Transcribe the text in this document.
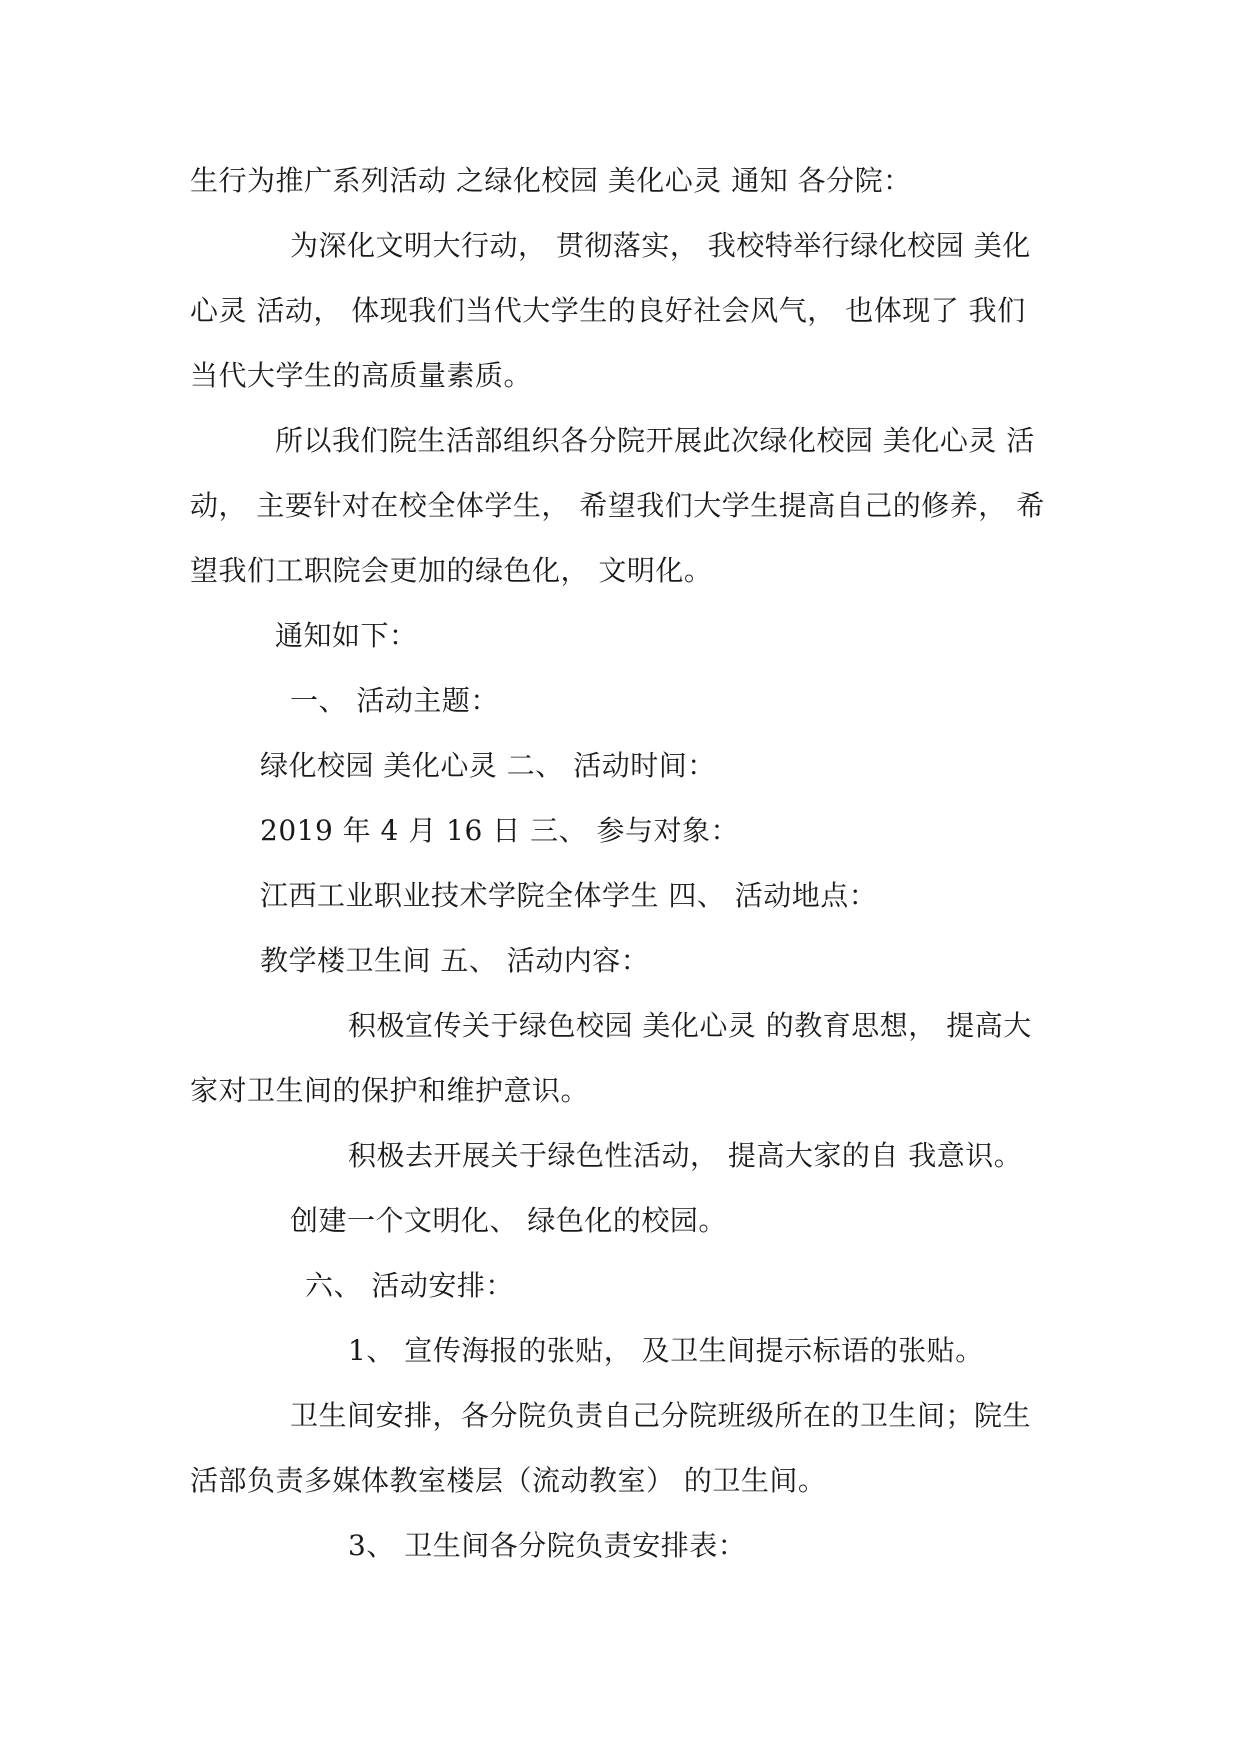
生行为推广系列活动 之绿化校园 美化心灵 通知 各分院：
为深化文明大行动， 贯彻落实， 我校特举行绿化校园 美化
心灵 活动， 体现我们当代大学生的良好社会风气， 也体现了 我们
当代大学生的高质量素质。
所以我们院生活部组织各分院开展此次绿化校园 美化心灵 活
动， 主要针对在校全体学生， 希望我们大学生提高自己的修养， 希
望我们工职院会更加的绿色化， 文明化。
通知如下：
一、 活动主题：
绿化校园 美化心灵 二、 活动时间：
2019 年 4 月 16 日 三、 参与对象：
江西工业职业技术学院全体学生 四、 活动地点：
教学楼卫生间 五、 活动内容：
积极宣传关于绿色校园 美化心灵 的教育思想， 提高大
家对卫生间的保护和维护意识。
积极去开展关于绿色性活动， 提高大家的自 我意识。
创建一个文明化、 绿色化的校园。
六、 活动安排：
1、 宣传海报的张贴， 及卫生间提示标语的张贴。
卫生间安排，各分院负责自己分院班级所在的卫生间；院生
活部负责多媒体教室楼层（流动教室） 的卫生间。
3、 卫生间各分院负责安排表：
